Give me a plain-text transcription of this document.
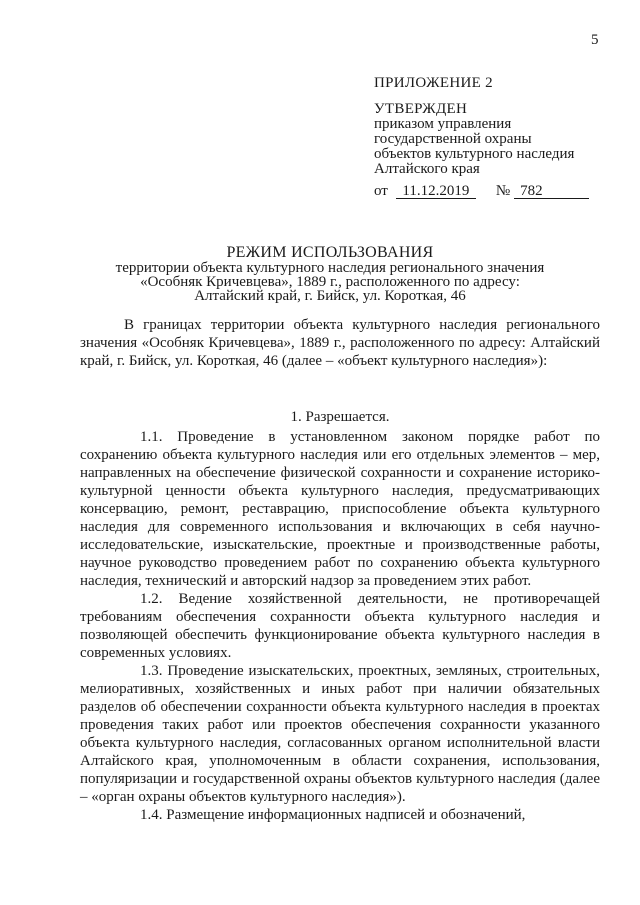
5
ПРИЛОЖЕНИЕ 2
УТВЕРЖДЕН
приказом управления
государственной охраны
объектов культурного наследия
Алтайского края
от 11.12.2019 № 782
РЕЖИМ ИСПОЛЬЗОВАНИЯ
территории объекта культурного наследия регионального значения
«Особняк Кричевцева», 1889 г., расположенного по адресу:
Алтайский край, г. Бийск, ул. Короткая, 46

В границах территории объекта культурного наследия регионального значения «Особняк Кричевцева», 1889 г., расположенного по адресу: Алтайский край, г. Бийск, ул. Короткая, 46 (далее – «объект культурного наследия»):

1. Разрешается.

1.1. Проведение в установленном законом порядке работ по сохранению объекта культурного наследия или его отдельных элементов – мер, направленных на обеспечение физической сохранности и сохранение историко-культурной ценности объекта культурного наследия, предусматривающих консервацию, ремонт, реставрацию, приспособление объекта культурного наследия для современного использования и включающих в себя научно-исследовательские, изыскательские, проектные и производственные работы, научное руководство проведением работ по сохранению объекта культурного наследия, технический и авторский надзор за проведением этих работ.

1.2. Ведение хозяйственной деятельности, не противоречащей требованиям обеспечения сохранности объекта культурного наследия и позволяющей обеспечить функционирование объекта культурного наследия в современных условиях.

1.3. Проведение изыскательских, проектных, земляных, строительных, мелиоративных, хозяйственных и иных работ при наличии обязательных разделов об обеспечении сохранности объекта культурного наследия в проектах проведения таких работ или проектов обеспечения сохранности указанного объекта культурного наследия, согласованных органом исполнительной власти Алтайского края, уполномоченным в области сохранения, использования, популяризации и государственной охраны объектов культурного наследия (далее – «орган охраны объектов культурного наследия»).

1.4. Размещение информационных надписей и обозначений,
